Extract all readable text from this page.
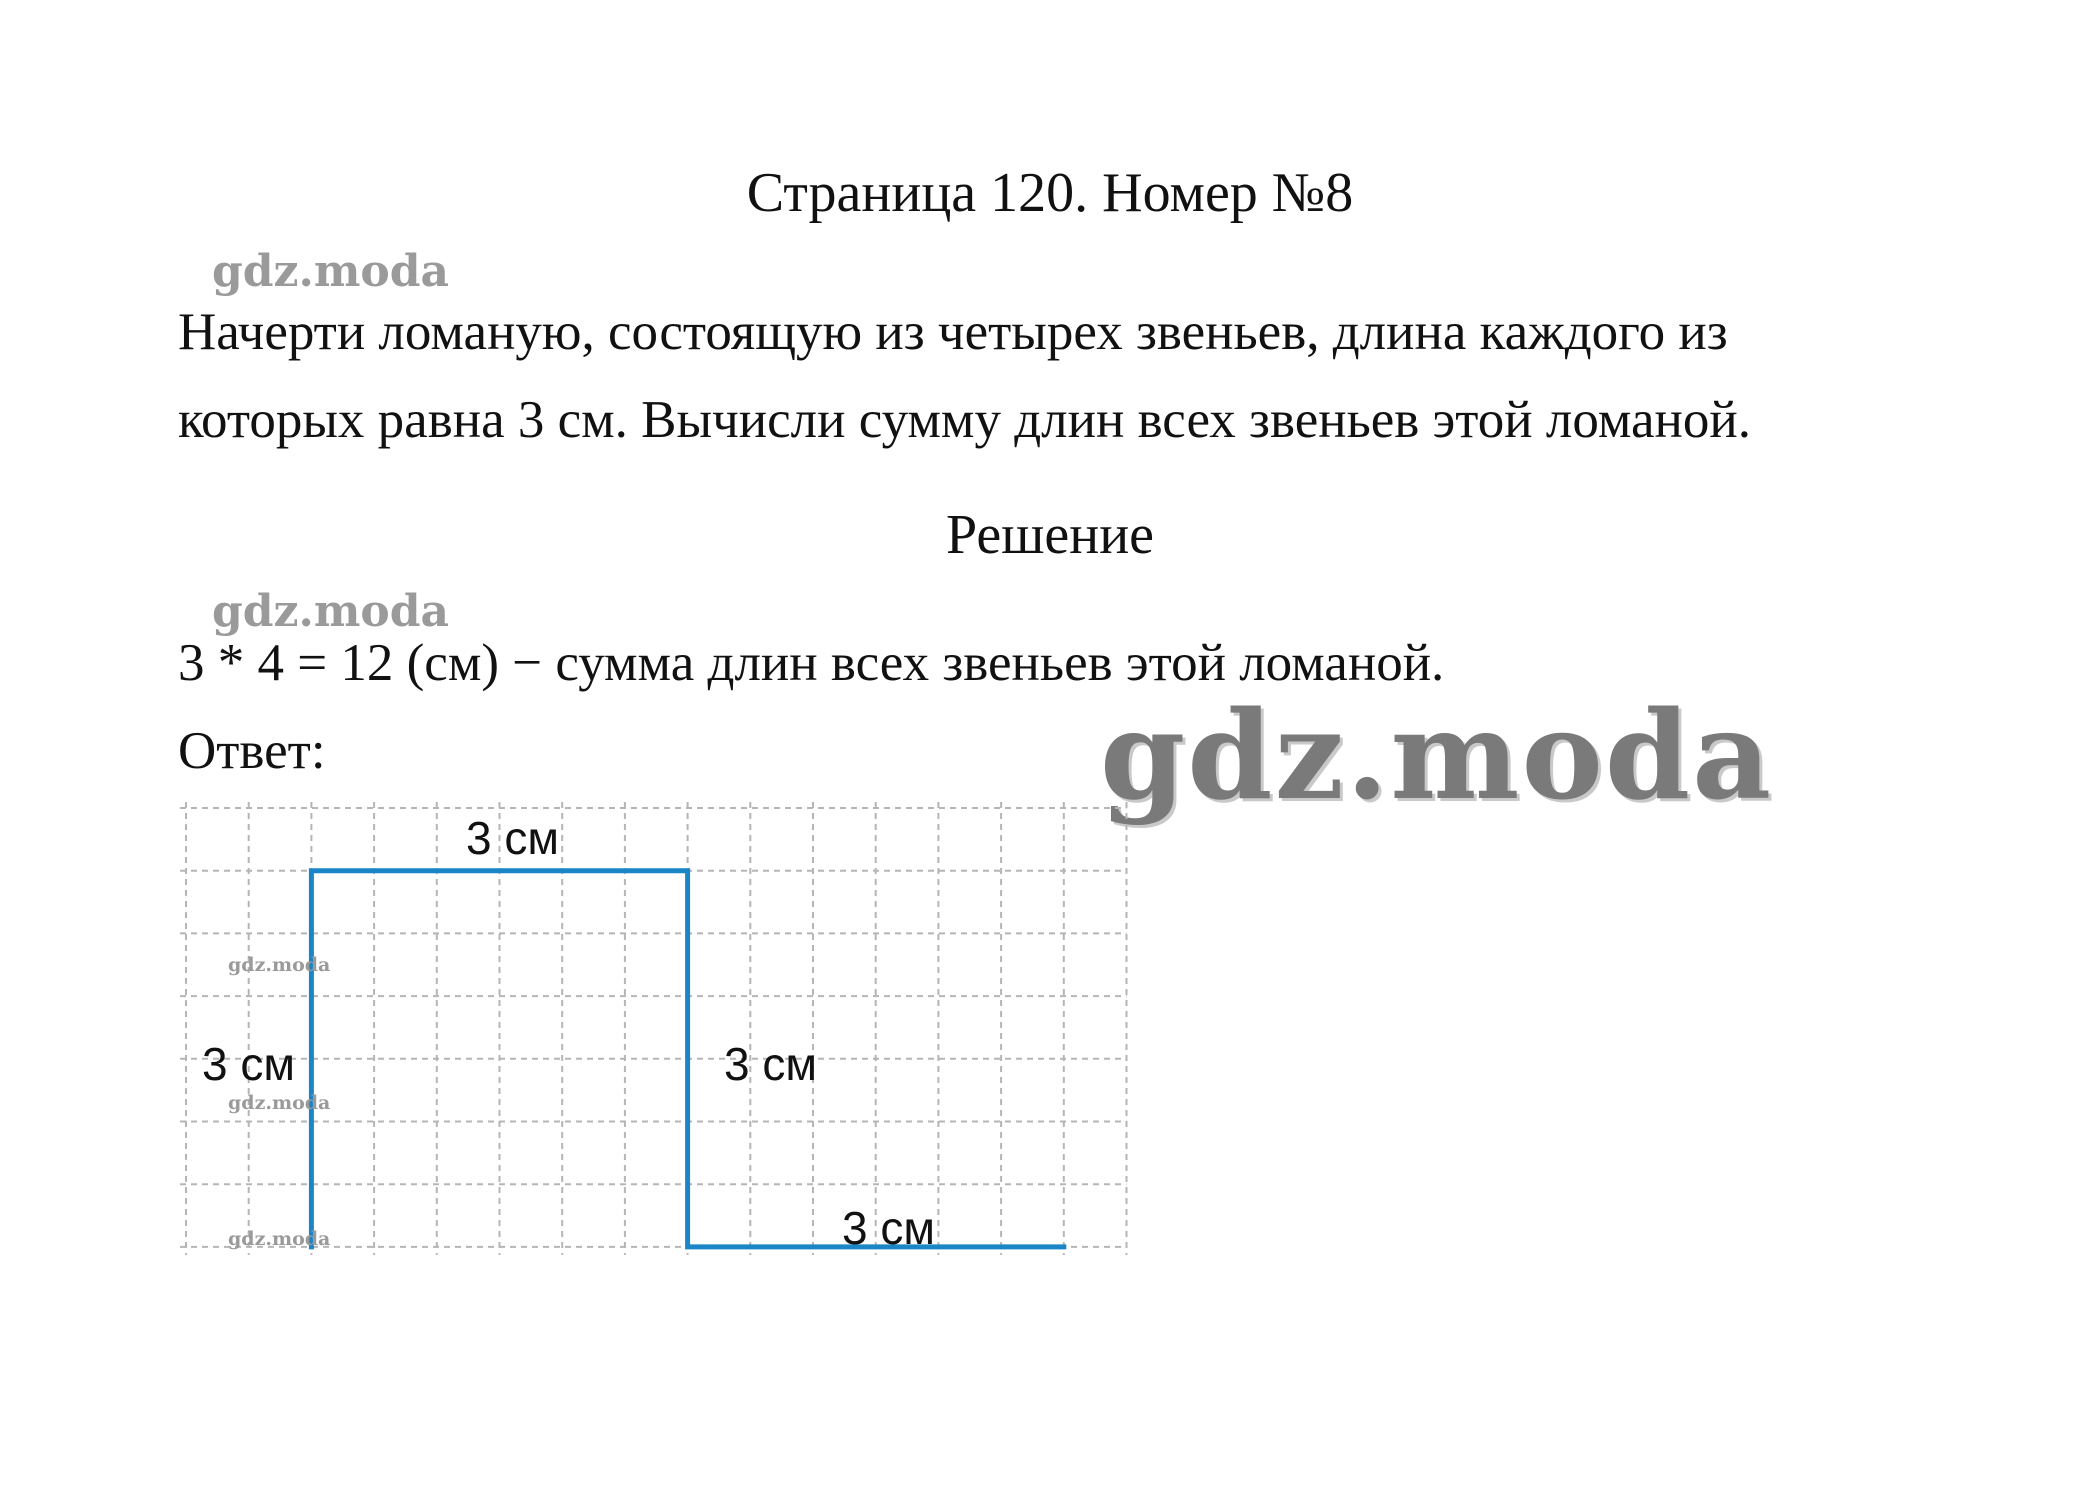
Страница 120. Номер №8
gdz.moda
Начерти ломаную, состоящую из четырех звеньев, длина каждого из
которых равна 3 см. Вычисли сумму длин всех звеньев этой ломаной.
Решение
gdz.moda
3 * 4 = 12 (см) − сумма длин всех звеньев этой ломаной.
Ответ:	gdz.moda
gdz.moda
gdz.moda
gdz.moda
3 см
3 см	3 см
3 см
